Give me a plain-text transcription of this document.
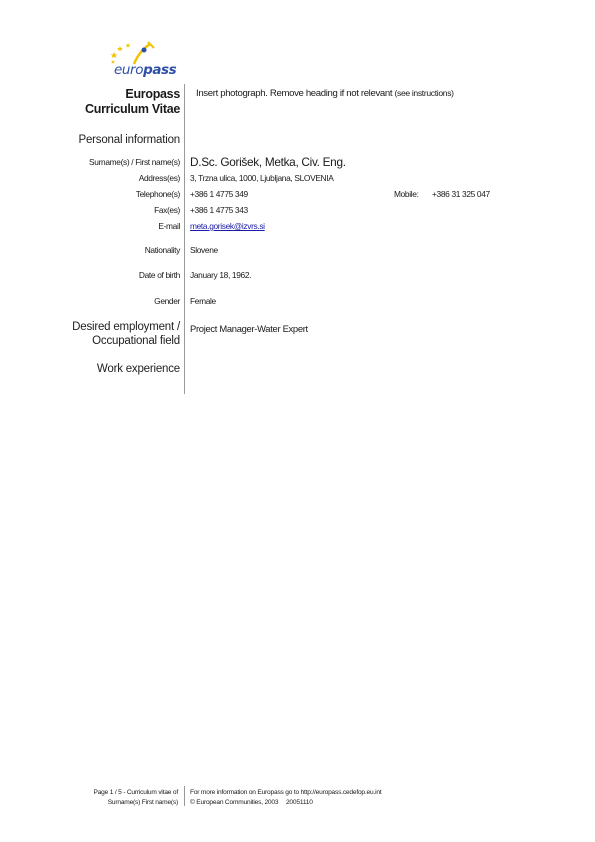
europass
Europass
Curriculum Vitae
Insert photograph. Remove heading if not relevant (see instructions)
Personal information
Surname(s) / First name(s) D.Sc. Gorišek, Metka, Civ. Eng.
Address(es) 3, Trzna ulica, 1000, Ljubljana, SLOVENIA
Telephone(s) +386 1 4775 349	Mobile: +386 31 325 047
Fax(es) +386 1 4775 343
E-mail meta.gorisek@izvrs.si
Nationality Slovene
Date of birth January 18, 1962.
Gender Female
Desired employment /
Occupational field
Project Manager-Water Expert
Work experience
Page 1 / 5 - Curriculum vitae of
Surname(s) First name(s)
For more information on Europass go to http://europass.cedefop.eu.int
© European Communities, 2003 20051110
